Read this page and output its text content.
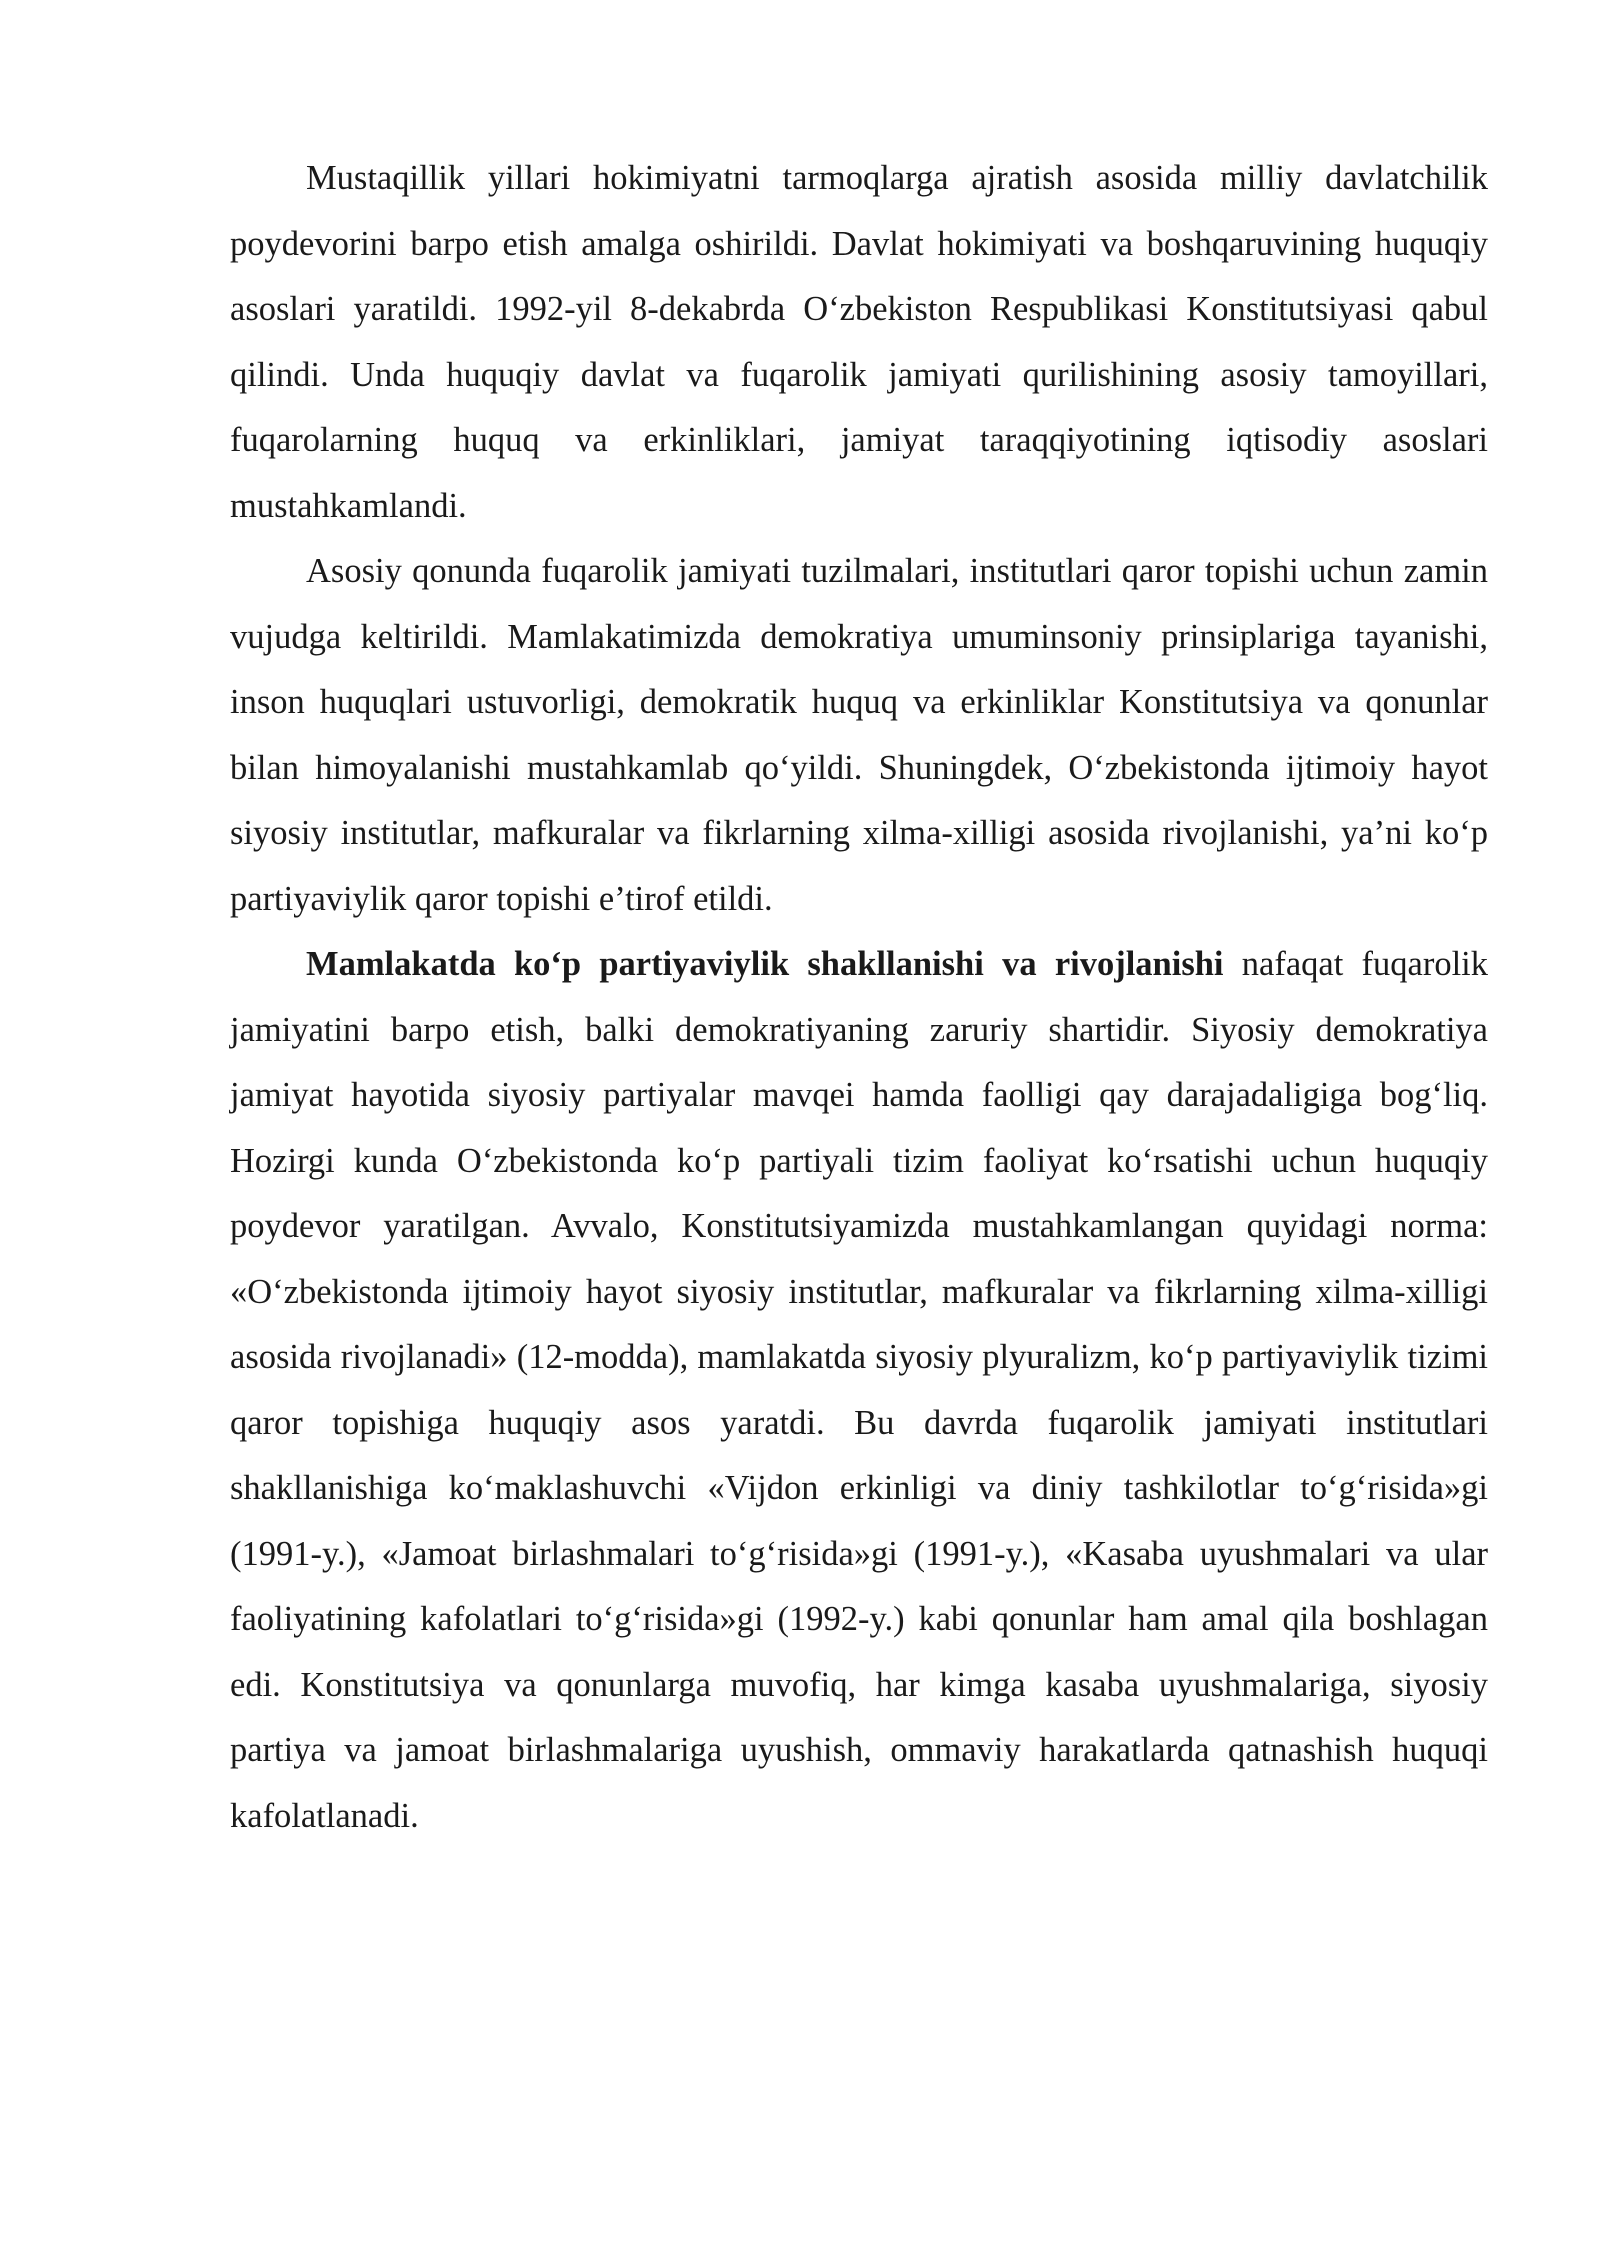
Mustaqillik yillari hokimiyatni tarmoqlarga ajratish asosida milliy davlatchilik poydevorini barpo etish amalga oshirildi. Davlat hokimiyati va boshqaruvining huquqiy asoslari yaratildi. 1992-yil 8-dekabrda O‘zbekiston Respublikasi Konstitutsiyasi qabul qilindi. Unda huquqiy davlat va fuqarolik jamiyati qurilishining asosiy tamoyillari, fuqarolarning huquq va erkinliklari, jamiyat taraqqiyotining iqtisodiy asoslari mustahkamlandi.

Asosiy qonunda fuqarolik jamiyati tuzilmalari, institutlari qaror topishi uchun zamin vujudga keltirildi. Mamlakatimizda demokratiya umuminsoniy prinsiplariga tayanishi, inson huquqlari ustuvorligi, demokratik huquq va erkinliklar Konstitutsiya va qonunlar bilan himoyalanishi mustahkamlab qo‘yildi. Shuningdek, O‘zbekistonda ijtimoiy hayot siyosiy institutlar, mafkuralar va fikrlarning xilma-xilligi asosida rivojlanishi, ya’ni ko‘p partiyaviylik qaror topishi e’tirof etildi.

Mamlakatda ko‘p partiyaviylik shakllanishi va rivojlanishi nafaqat fuqarolik jamiyatini barpo etish, balki demokratiyaning zaruriy shartidir. Siyosiy demokratiya jamiyat hayotida siyosiy partiyalar mavqei hamda faolligi qay darajadaligiga bog‘liq. Hozirgi kunda O‘zbekistonda ko‘p partiyali tizim faoliyat ko‘rsatishi uchun huquqiy poydevor yaratilgan. Avvalo, Konstitutsiyamizda mustahkamlangan quyidagi norma: «O‘zbekistonda ijtimoiy hayot siyosiy institutlar, mafkuralar va fikrlarning xilma-xilligi asosida rivojlanadi» (12-modda), mamlakatda siyosiy plyuralizm, ko‘p partiyaviylik tizimi qaror topishiga huquqiy asos yaratdi. Bu davrda fuqarolik jamiyati institutlari shakllanishiga ko‘maklashuvchi «Vijdon erkinligi va diniy tashkilotlar to‘g‘risida»gi (1991-y.), «Jamoat birlashmalari to‘g‘risida»gi (1991-y.), «Kasaba uyushmalari va ular faoliyatining kafolatlari to‘g‘risida»gi (1992-y.) kabi qonunlar ham amal qila boshlagan edi. Konstitutsiya va qonunlarga muvofiq, har kimga kasaba uyushmalariga, siyosiy partiya va jamoat birlashmalariga uyushish, ommaviy harakatlarda qatnashish huquqi kafolatlanadi.
